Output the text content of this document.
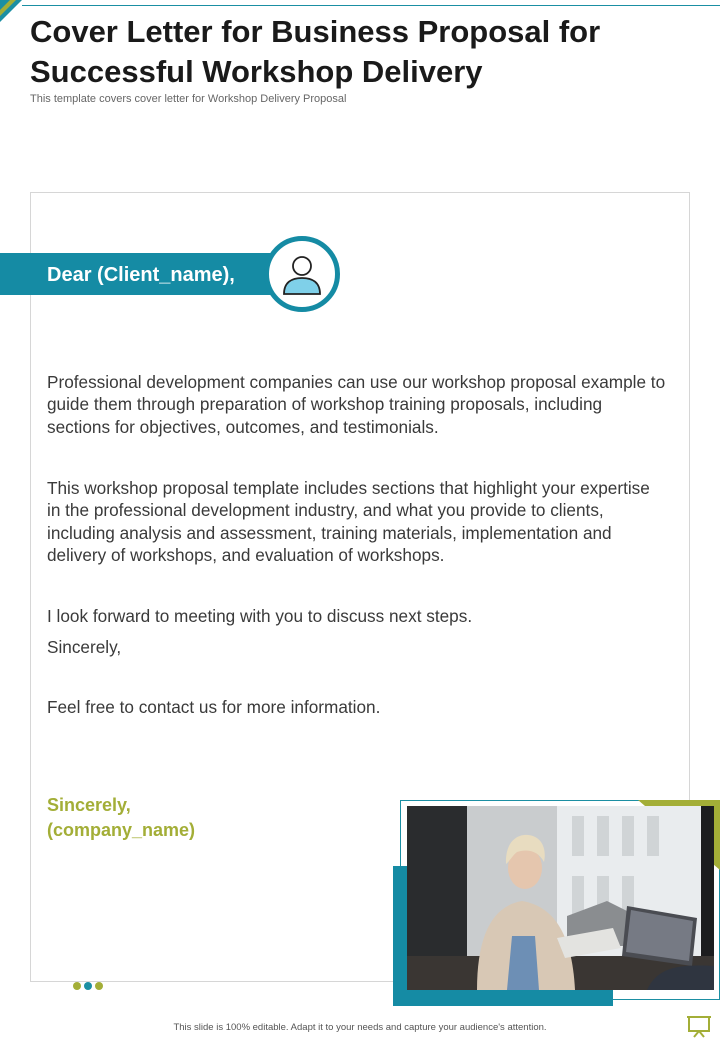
Cover Letter for Business Proposal for Successful Workshop Delivery
This template covers cover letter for Workshop Delivery Proposal
Dear (Client_name),
Professional development companies can use our workshop proposal example to guide them through preparation of workshop training proposals, including sections for objectives, outcomes, and testimonials.
This workshop proposal template includes sections that highlight your expertise in the professional development industry, and what you provide to clients, including analysis and assessment, training materials, implementation and delivery of workshops, and evaluation of workshops.
I look forward to meeting with you to discuss next steps.
Sincerely,
Feel free to contact us for more information.
Sincerely,
(company_name)
This slide is 100% editable. Adapt it to your needs and capture your audience's attention.
